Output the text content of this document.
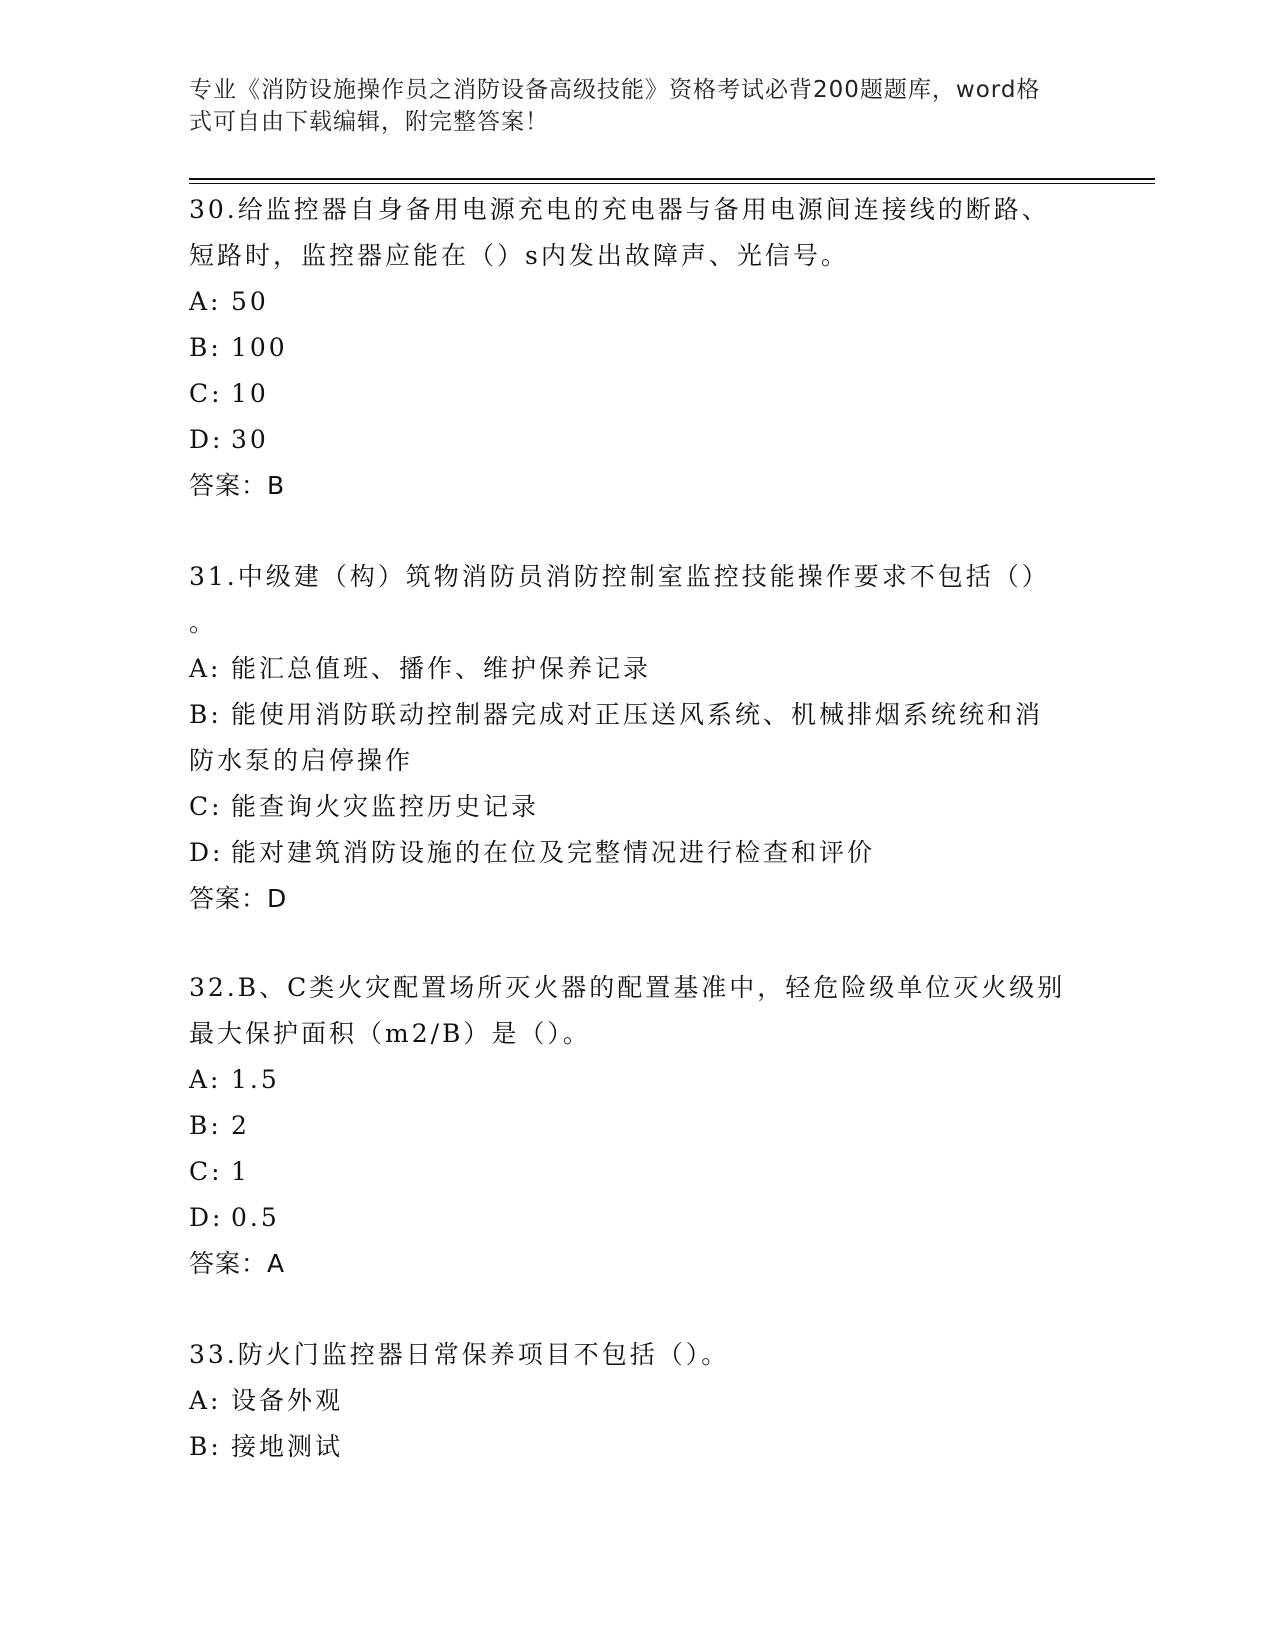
专业《消防设施操作员之消防设备高级技能》资格考试必背200题题库，word格
式可自由下载编辑，附完整答案！
30.给监控器自身备用电源充电的充电器与备用电源间连接线的断路、
短路时，监控器应能在（）s内发出故障声、光信号。
A: 50
B: 100
C: 10
D: 30
答案：B
31.中级建（构）筑物消防员消防控制室监控技能操作要求不包括（）
。
A: 能汇总值班、播作、维护保养记录
B: 能使用消防联动控制器完成对正压送风系统、机械排烟系统统和消
防水泵的启停操作
C: 能查询火灾监控历史记录
D: 能对建筑消防设施的在位及完整情况进行检查和评价
答案：D
32.B、C类火灾配置场所灭火器的配置基准中，轻危险级单位灭火级别
最大保护面积（m2/B）是（）。
A: 1.5
B: 2
C: 1
D: 0.5
答案：A
33.防火门监控器日常保养项目不包括（）。
A: 设备外观
B: 接地测试
